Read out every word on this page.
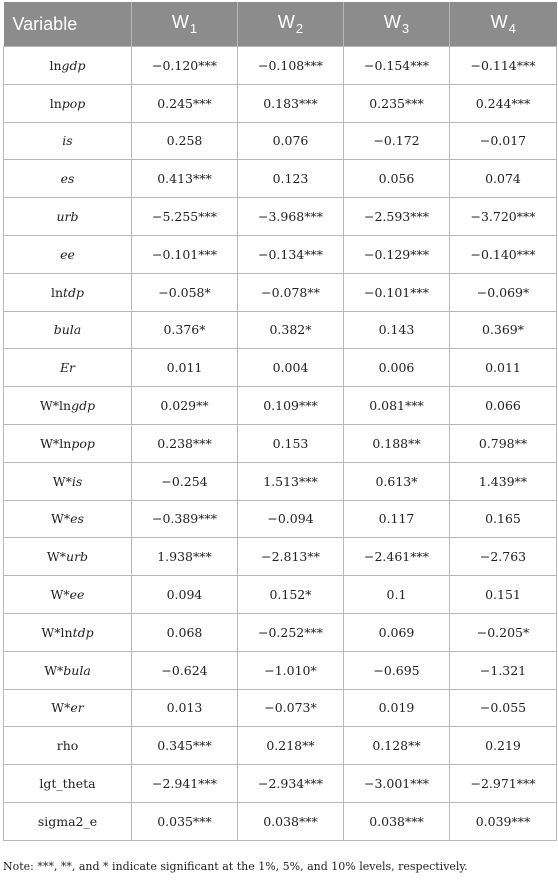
Variable	$W_1$	$W_2$	$W_3$	$W_4$
lngdp	−0.120***	−0.108***	−0.154***	−0.114***
lnpop	0.245***	0.183***	0.235***	0.244***
is	0.258	0.076	−0.172	−0.017
es	0.413***	0.123	0.056	0.074
urb	−5.255***	−3.968***	−2.593***	−3.720***
ee	−0.101***	−0.134***	−0.129***	−0.140***
lntdp	−0.058*	−0.078**	−0.101***	−0.069*
bula	0.376*	0.382*	0.143	0.369*
Er	0.011	0.004	0.006	0.011
W*lngdp	0.029**	0.109***	0.081***	0.066
W*lnpop	0.238***	0.153	0.188**	0.798**
W*is	−0.254	1.513***	0.613*	1.439**
W*es	−0.389***	−0.094	0.117	0.165
W*urb	1.938***	−2.813**	−2.461***	−2.763
W*ee	0.094	0.152*	0.1	0.151
W*lntdp	0.068	−0.252***	0.069	−0.205*
W*bula	−0.624	−1.010*	−0.695	−1.321
W*er	0.013	−0.073*	0.019	−0.055
rho	0.345***	0.218**	0.128**	0.219
lgt_theta	−2.941***	−2.934***	−3.001***	−2.971***
sigma2_e	0.035***	0.038***	0.038***	0.039***
Note: ***, **, and * indicate significant at the 1%, 5%, and 10% levels, respectively.
